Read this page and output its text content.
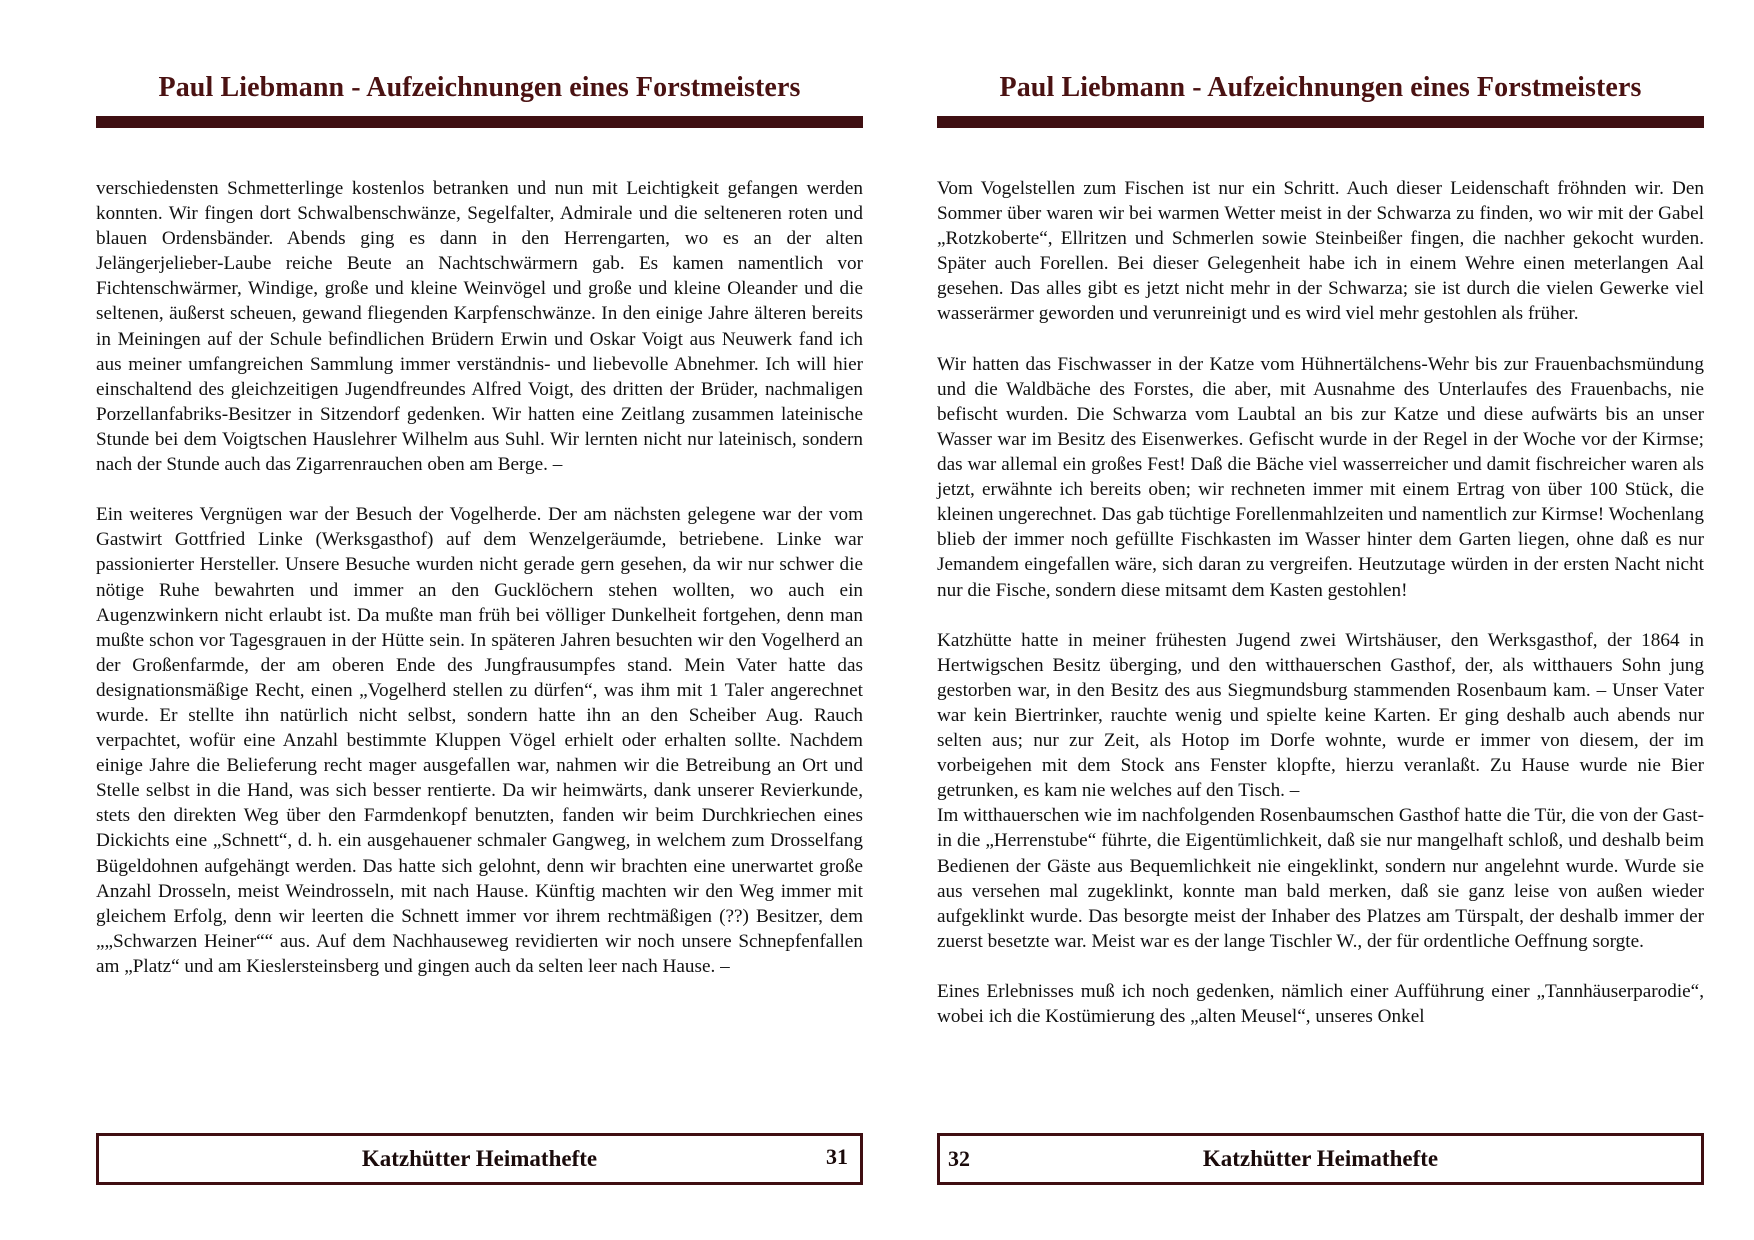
Paul Liebmann - Aufzeichnungen eines Forstmeisters

verschiedensten Schmetterlinge kostenlos betranken und nun mit Leichtigkeit gefangen werden konnten. Wir fingen dort Schwalbenschwänze, Segelfalter, Admirale und die selteneren roten und blauen Ordensbänder. Abends ging es dann in den Herrengarten, wo es an der alten Jelängerjelieber-Laube reiche Beute an Nachtschwärmern gab. Es kamen namentlich vor Fichtenschwärmer, Windige, große und kleine Weinvögel und große und kleine Oleander und die seltenen, äußerst scheuen, gewand fliegenden Karpfenschwänze. In den einige Jahre älteren bereits in Meiningen auf der Schule befindlichen Brüdern Erwin und Oskar Voigt aus Neuwerk fand ich aus meiner umfangreichen Sammlung immer verständnis- und liebevolle Abnehmer. Ich will hier einschaltend des gleichzeitigen Jugendfreundes Alfred Voigt, des dritten der Brüder, nachmaligen Porzellanfabriks-Besitzer in Sitzendorf gedenken. Wir hatten eine Zeitlang zusammen lateinische Stunde bei dem Voigtschen Hauslehrer Wilhelm aus Suhl. Wir lernten nicht nur lateinisch, sondern nach der Stunde auch das Zigarrenrauchen oben am Berge. –

Ein weiteres Vergnügen war der Besuch der Vogelherde. Der am nächsten gelegene war der vom Gastwirt Gottfried Linke (Werksgasthof) auf dem Wenzelgeräumde, betriebene. Linke war passionierter Hersteller. Unsere Besuche wurden nicht gerade gern gesehen, da wir nur schwer die nötige Ruhe bewahrten und immer an den Gucklöchern stehen wollten, wo auch ein Augenzwinkern nicht erlaubt ist. Da mußte man früh bei völliger Dunkelheit fortgehen, denn man mußte schon vor Tagesgrauen in der Hütte sein. In späteren Jahren besuchten wir den Vogelherd an der Großenfarmde, der am oberen Ende des Jungfrausumpfes stand. Mein Vater hatte das designationsmäßige Recht, einen „Vogelherd stellen zu dürfen“, was ihm mit 1 Taler angerechnet wurde. Er stellte ihn natürlich nicht selbst, sondern hatte ihn an den Scheiber Aug. Rauch verpachtet, wofür eine Anzahl bestimmte Kluppen Vögel erhielt oder erhalten sollte. Nachdem einige Jahre die Belieferung recht mager ausgefallen war, nahmen wir die Betreibung an Ort und Stelle selbst in die Hand, was sich besser rentierte. Da wir heimwärts, dank unserer Revierkunde, stets den direkten Weg über den Farmdenkopf benutzten, fanden wir beim Durchkriechen eines Dickichts eine „Schnett“, d. h. ein ausgehauener schmaler Gangweg, in welchem zum Drosselfang Bügeldohnen aufgehängt werden. Das hatte sich gelohnt, denn wir brachten eine unerwartet große Anzahl Drosseln, meist Weindrosseln, mit nach Hause. Künftig machten wir den Weg immer mit gleichem Erfolg, denn wir leerten die Schnett immer vor ihrem rechtmäßigen (??) Besitzer, dem „„Schwarzen Heiner““ aus. Auf dem Nachhauseweg revidierten wir noch unsere Schnepfenfallen am „Platz“ und am Kieslersteinsberg und gingen auch da selten leer nach Hause. –

Katzhütter Heimathefte	31
Paul Liebmann - Aufzeichnungen eines Forstmeisters

Vom Vogelstellen zum Fischen ist nur ein Schritt. Auch dieser Leidenschaft fröhnden wir. Den Sommer über waren wir bei warmen Wetter meist in der Schwarza zu finden, wo wir mit der Gabel „Rotzkoberte“, Ellritzen und Schmerlen sowie Steinbeißer fingen, die nachher gekocht wurden. Später auch Forellen. Bei dieser Gelegenheit habe ich in einem Wehre einen meterlangen Aal gesehen. Das alles gibt es jetzt nicht mehr in der Schwarza; sie ist durch die vielen Gewerke viel wasserärmer geworden und verunreinigt und es wird viel mehr gestohlen als früher.

Wir hatten das Fischwasser in der Katze vom Hühnertälchens-Wehr bis zur Frauenbachsmündung und die Waldbäche des Forstes, die aber, mit Ausnahme des Unterlaufes des Frauenbachs, nie befischt wurden. Die Schwarza vom Laubtal an bis zur Katze und diese aufwärts bis an unser Wasser war im Besitz des Eisenwerkes. Gefischt wurde in der Regel in der Woche vor der Kirmse; das war allemal ein großes Fest! Daß die Bäche viel wasserreicher und damit fischreicher waren als jetzt, erwähnte ich bereits oben; wir rechneten immer mit einem Ertrag von über 100 Stück, die kleinen ungerechnet. Das gab tüchtige Forellenmahlzeiten und namentlich zur Kirmse! Wochenlang blieb der immer noch gefüllte Fischkasten im Wasser hinter dem Garten liegen, ohne daß es nur Jemandem eingefallen wäre, sich daran zu vergreifen. Heutzutage würden in der ersten Nacht nicht nur die Fische, sondern diese mitsamt dem Kasten gestohlen!

Katzhütte hatte in meiner frühesten Jugend zwei Wirtshäuser, den Werksgasthof, der 1864 in Hertwigschen Besitz überging, und den witthauerschen Gasthof, der, als witthauers Sohn jung gestorben war, in den Besitz des aus Siegmundsburg stammenden Rosenbaum kam. – Unser Vater war kein Biertrinker, rauchte wenig und spielte keine Karten. Er ging deshalb auch abends nur selten aus; nur zur Zeit, als Hotop im Dorfe wohnte, wurde er immer von diesem, der im vorbeigehen mit dem Stock ans Fenster klopfte, hierzu veranlaßt. Zu Hause wurde nie Bier getrunken, es kam nie welches auf den Tisch. –

Im witthauerschen wie im nachfolgenden Rosenbaumschen Gasthof hatte die Tür, die von der Gast- in die „Herrenstube“ führte, die Eigentümlichkeit, daß sie nur mangelhaft schloß, und deshalb beim Bedienen der Gäste aus Bequemlichkeit nie eingeklinkt, sondern nur angelehnt wurde. Wurde sie aus versehen mal zugeklinkt, konnte man bald merken, daß sie ganz leise von außen wieder aufgeklinkt wurde. Das besorgte meist der Inhaber des Platzes am Türspalt, der deshalb immer der zuerst besetzte war. Meist war es der lange Tischler W., der für ordentliche Oeffnung sorgte.

Eines Erlebnisses muß ich noch gedenken, nämlich einer Aufführung einer „Tannhäuserparodie“, wobei ich die Kostümierung des „alten Meusel“, unseres Onkel

32	Katzhütter Heimathefte
